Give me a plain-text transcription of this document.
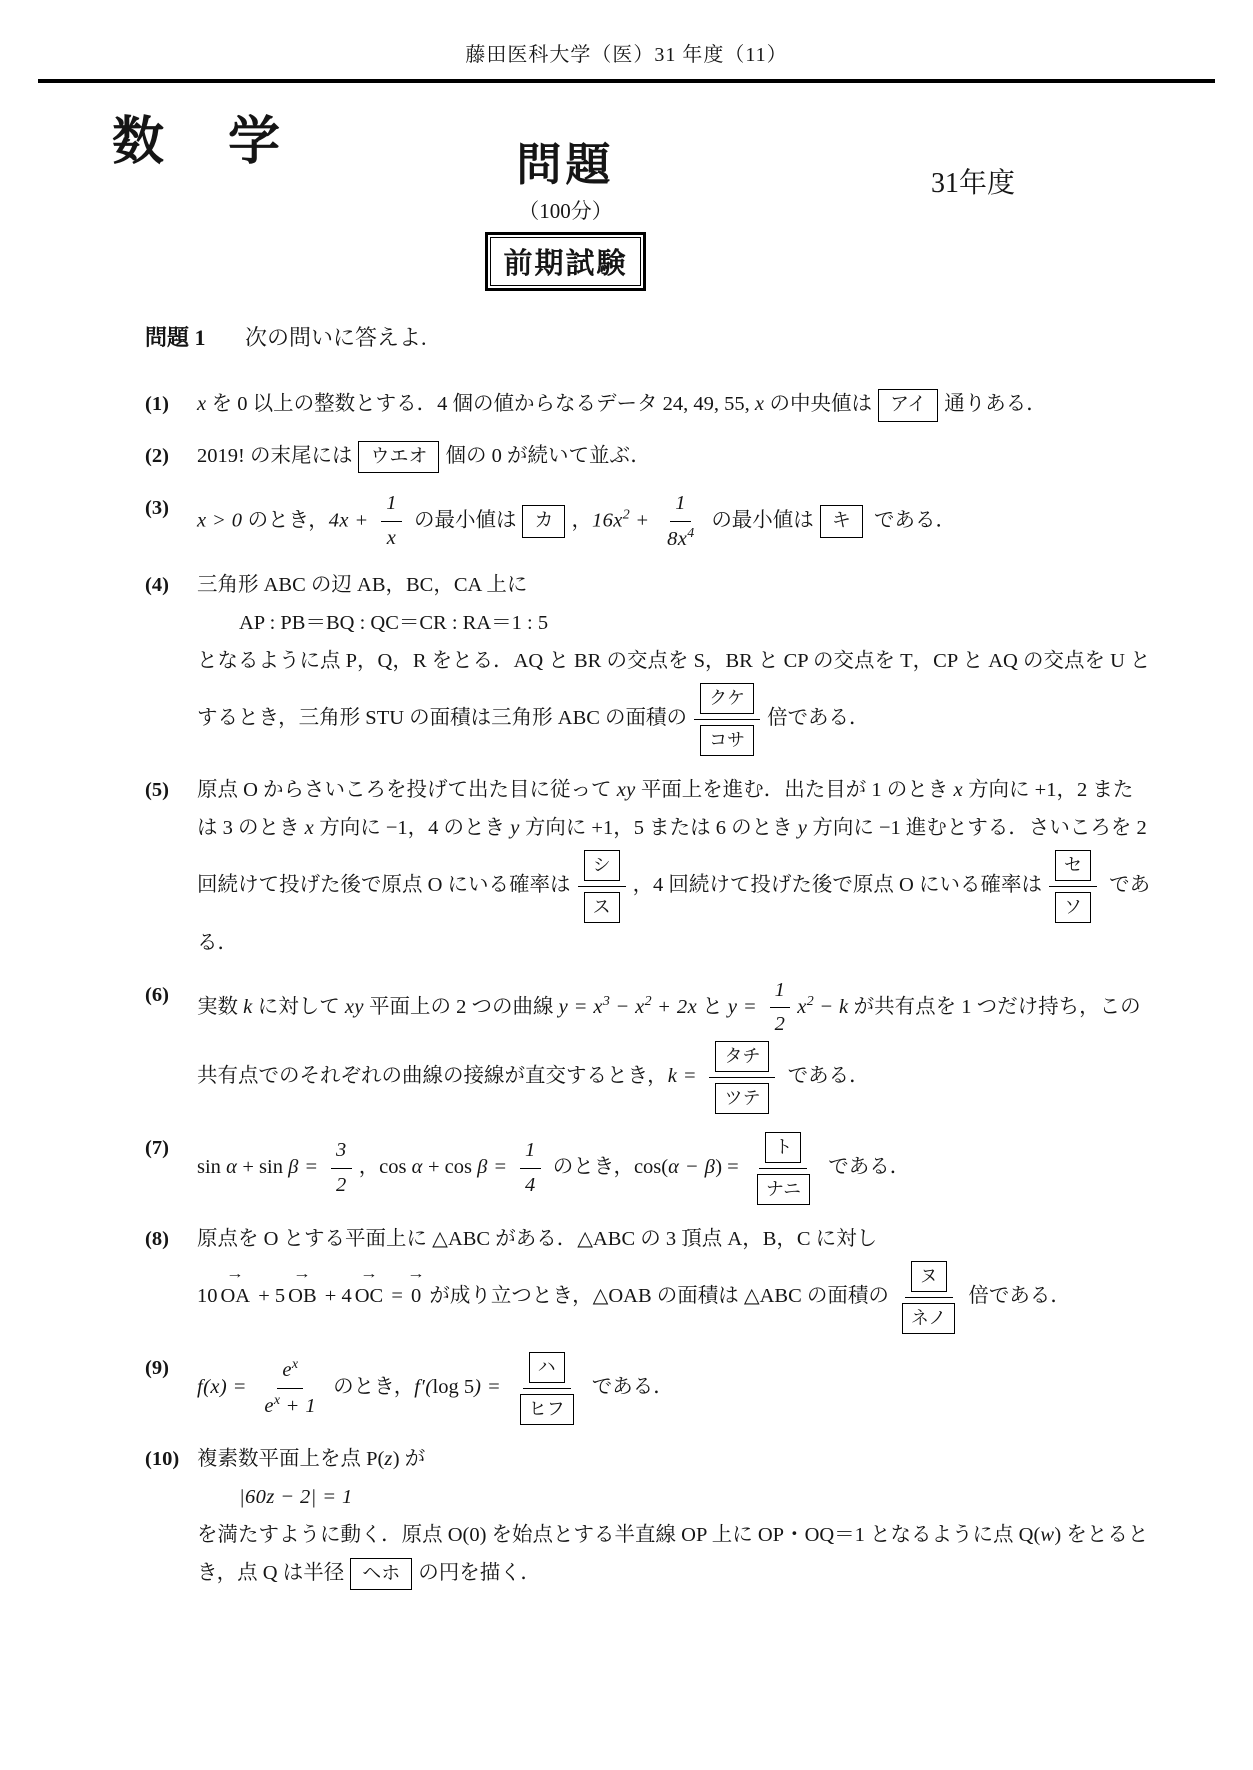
藤田医科大学（医）31 年度（11）
数　学	問題
（100分）
前期試験
31年度
問題 1 次の問いに答えよ.
(1)	x を 0 以上の整数とする．4 個の値からなるデータ 24, 49, 55, x の中央値は アイ 通りある．
(2)	2019! の末尾には ウエオ 個の 0 が続いて並ぶ．
(3)
x > 0 のとき，$4x + \frac{1}{x}$ の最小値は カ ，$16x^2 + \frac{1}{8x^4}$ の最小値は キ である．
(4)	三角形 ABC の辺 AB，BC，CA 上に
AP : PB＝BQ : QC＝CR : RA＝1 : 5
となるように点 P，Q，R をとる．AQ と BR の交点を S，BR と CP の交点を T，CP と AQ の交点を U とするとき，三角形 STU の面積は三角形 ABC の面積の $\frac{\text{クケ}}{\text{コサ}}$ 倍である．
(5)	原点 O からさいころを投げて出た目に従って xy 平面上を進む．出た目が 1 のとき x 方向に +1，2 または 3 のとき x 方向に −1，4 のとき y 方向に +1，5 または 6 のとき y 方向に −1 進むとする．さいころを 2 回続けて投げた後で原点 O にいる確率は $\frac{\text{シ}}{\text{ス}}$ ，4 回続けて投げた後で原点 O にいる確率は $\frac{\text{セ}}{\text{ソ}}$ である．
(6)
実数 k に対して xy 平面上の 2 つの曲線 $y = x^3 - x^2 + 2x$ と $y = \frac{1}{2} x^2 - k$ が共有点を 1 つだけ持ち，この共有点でのそれぞれの曲線の接線が直交するとき，$k = \frac{\text{タチ}}{\text{ツテ}}$ である．
(7)
$\sin \alpha + \sin \beta = \frac{3}{2}$ ，$\cos \alpha + \cos \beta = \frac{1}{4}$ のとき，$\cos(\alpha - \beta) = \frac{\text{ト}}{\text{ナニ}}$ である．
(8)	原点を O とする平面上に △ABC がある．△ABC の 3 頂点 A，B，C に対し
10
→
OA + 5
→
OB + 4
→
OC =
→
0 が成り立つとき，△OAB の面積は △ABC の面積の $\frac{\text{ヌ}}{\text{ネノ}}$ 倍である．
(9)
$f(x) = \frac{e^x}{e^x + 1}$ のとき，f′(log $5) = \frac{\text{ハ}}{\text{ヒフ}}$ である．
(10) 複素数平面上を点 P(z) が
|60z − 2| = 1
を満たすように動く．原点 O(0) を始点とする半直線 OP 上に OP・OQ＝1 となるように点 Q(w) をとるとき，点 Q は半径 ヘホ の円を描く．
